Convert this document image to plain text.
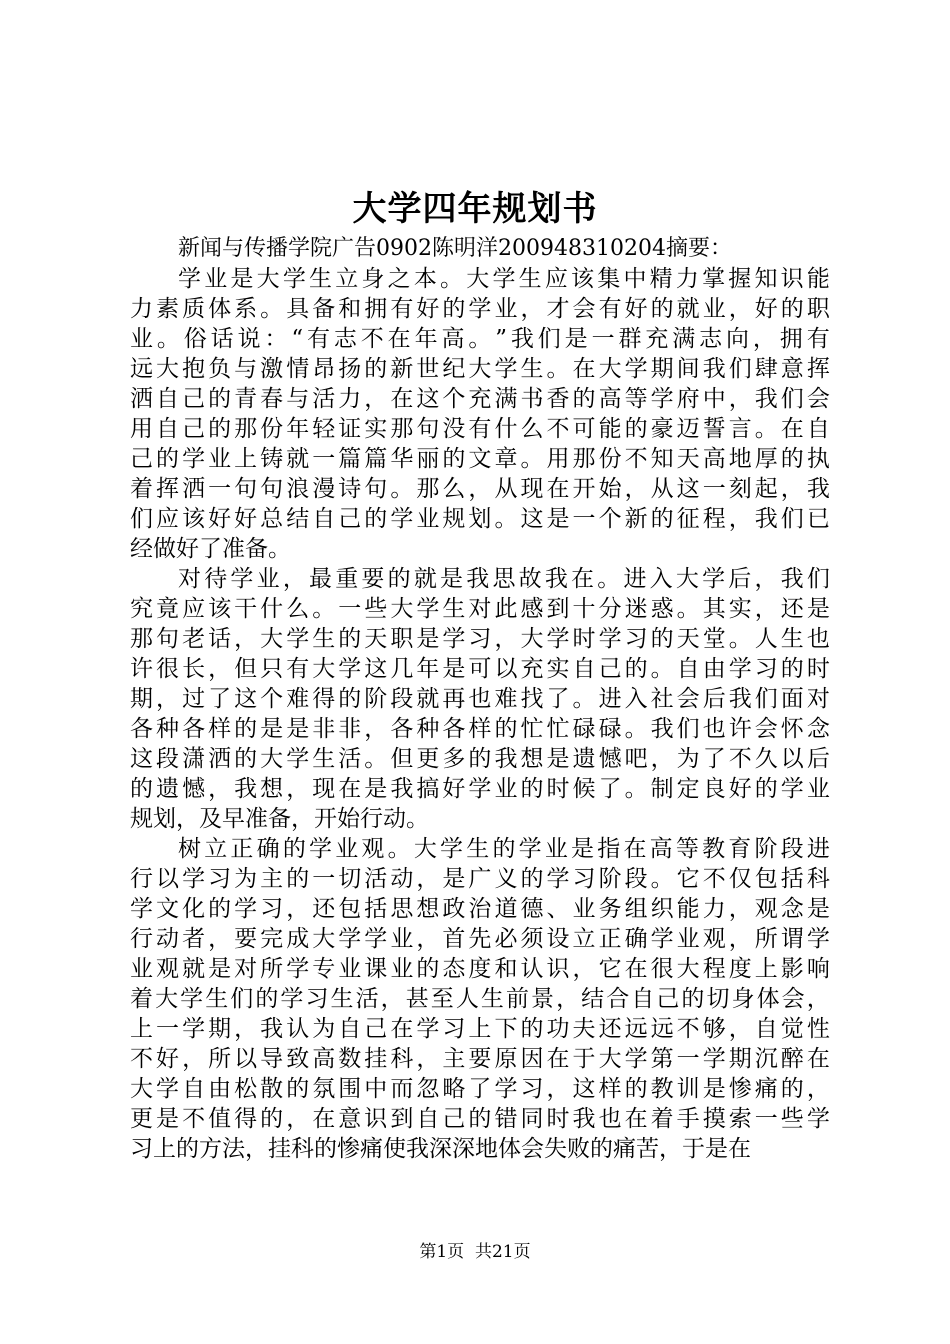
大学四年规划书
新闻与传播学院广告0902陈明洋200948310204摘要：
学 业 是 大 学 生 立 身 之 本 。 大 学 生 应 该 集 中 精 力 掌 握 知 识 能
力 素 质 体 系 。 具 备 和 拥 有 好 的 学 业 ， 才 会 有 好 的 就 业 ， 好 的 职
业 。 俗 话 说 ： “ 有 志 不 在 年 高 。 ” 我 们 是 一 群 充 满 志 向 ， 拥 有
远 大 抱 负 与 激 情 昂 扬 的 新 世 纪 大 学 生 。 在 大 学 期 间 我 们 肆 意 挥
洒 自 己 的 青 春 与 活 力 ， 在 这 个 充 满 书 香 的 高 等 学 府 中 ， 我 们 会
用 自 己 的 那 份 年 轻 证 实 那 句 没 有 什 么 不 可 能 的 豪 迈 誓 言 。 在 自
己 的 学 业 上 铸 就 一 篇 篇 华 丽 的 文 章 。 用 那 份 不 知 天 高 地 厚 的 执
着 挥 洒 一 句 句 浪 漫 诗 句 。 那 么 ， 从 现 在 开 始 ， 从 这 一 刻 起 ， 我
们 应 该 好 好 总 结 自 己 的 学 业 规 划 。 这 是 一 个 新 的 征 程 ， 我 们 已
经 做 好 了 准 备 。
对 待 学 业 ， 最 重 要 的 就 是 我 思 故 我 在 。 进 入 大 学 后 ， 我 们
究 竟 应 该 干 什 么 。 一 些 大 学 生 对 此 感 到 十 分 迷 惑 。 其 实 ， 还 是
那 句 老 话 ， 大 学 生 的 天 职 是 学 习 ， 大 学 时 学 习 的 天 堂 。 人 生 也
许 很 长 ， 但 只 有 大 学 这 几 年 是 可 以 充 实 自 己 的 。 自 由 学 习 的 时
期 ， 过 了 这 个 难 得 的 阶 段 就 再 也 难 找 了 。 进 入 社 会 后 我 们 面 对
各 种 各 样 的 是 是 非 非 ， 各 种 各 样 的 忙 忙 碌 碌 。 我 们 也 许 会 怀 念
这 段 潇 洒 的 大 学 生 活 。 但 更 多 的 我 想 是 遗 憾 吧 ， 为 了 不 久 以 后
的 遗 憾 ， 我 想 ， 现 在 是 我 搞 好 学 业 的 时 候 了 。 制 定 良 好 的 学 业
规 划 ， 及 早 准 备 ， 开 始 行 动 。
树 立 正 确 的 学 业 观 。 大 学 生 的 学 业 是 指 在 高 等 教 育 阶 段 进
行 以 学 习 为 主 的 一 切 活 动 ， 是 广 义 的 学 习 阶 段 。 它 不 仅 包 括 科
学 文 化 的 学 习 ， 还 包 括 思 想 政 治 道 德 、 业 务 组 织 能 力 ， 观 念 是
行 动 者 ， 要 完 成 大 学 学 业 ， 首 先 必 须 设 立 正 确 学 业 观 ， 所 谓 学
业 观 就 是 对 所 学 专 业 课 业 的 态 度 和 认 识 ， 它 在 很 大 程 度 上 影 响
着 大 学 生 们 的 学 习 生 活 ， 甚 至 人 生 前 景 ， 结 合 自 己 的 切 身 体 会 ，
上 一 学 期 ， 我 认 为 自 己 在 学 习 上 下 的 功 夫 还 远 远 不 够 ， 自 觉 性
不 好 ， 所 以 导 致 高 数 挂 科 ， 主 要 原 因 在 于 大 学 第 一 学 期 沉 醉 在
大 学 自 由 松 散 的 氛 围 中 而 忽 略 了 学 习 ， 这 样 的 教 训 是 惨 痛 的 ，
更 是 不 值 得 的 ， 在 意 识 到 自 己 的 错 同 时 我 也 在 着 手 摸 索 一 些 学
习 上 的 方 法 ， 挂 科 的 惨 痛 使 我 深 深 地 体 会 失 败 的 痛 苦 ， 于 是 在
第1页  共21页
